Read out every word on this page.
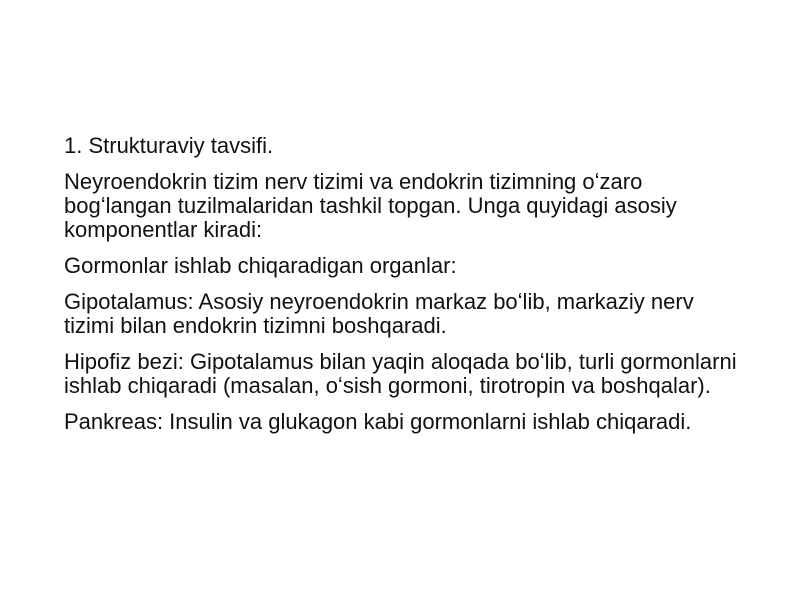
1. Strukturaviy tavsifi.

Neyroendokrin tizim nerv tizimi va endokrin tizimning oʻzaro bogʻlangan tuzilmalaridan tashkil topgan. Unga quyidagi asosiy komponentlar kiradi:

Gormonlar ishlab chiqaradigan organlar:

Gipotalamus: Asosiy neyroendokrin markaz boʻlib, markaziy nerv tizimi bilan endokrin tizimni boshqaradi.

Hipofiz bezi: Gipotalamus bilan yaqin aloqada boʻlib, turli gormonlarni ishlab chiqaradi (masalan, oʻsish gormoni, tirotropin va boshqalar).

Pankreas: Insulin va glukagon kabi gormonlarni ishlab chiqaradi.
